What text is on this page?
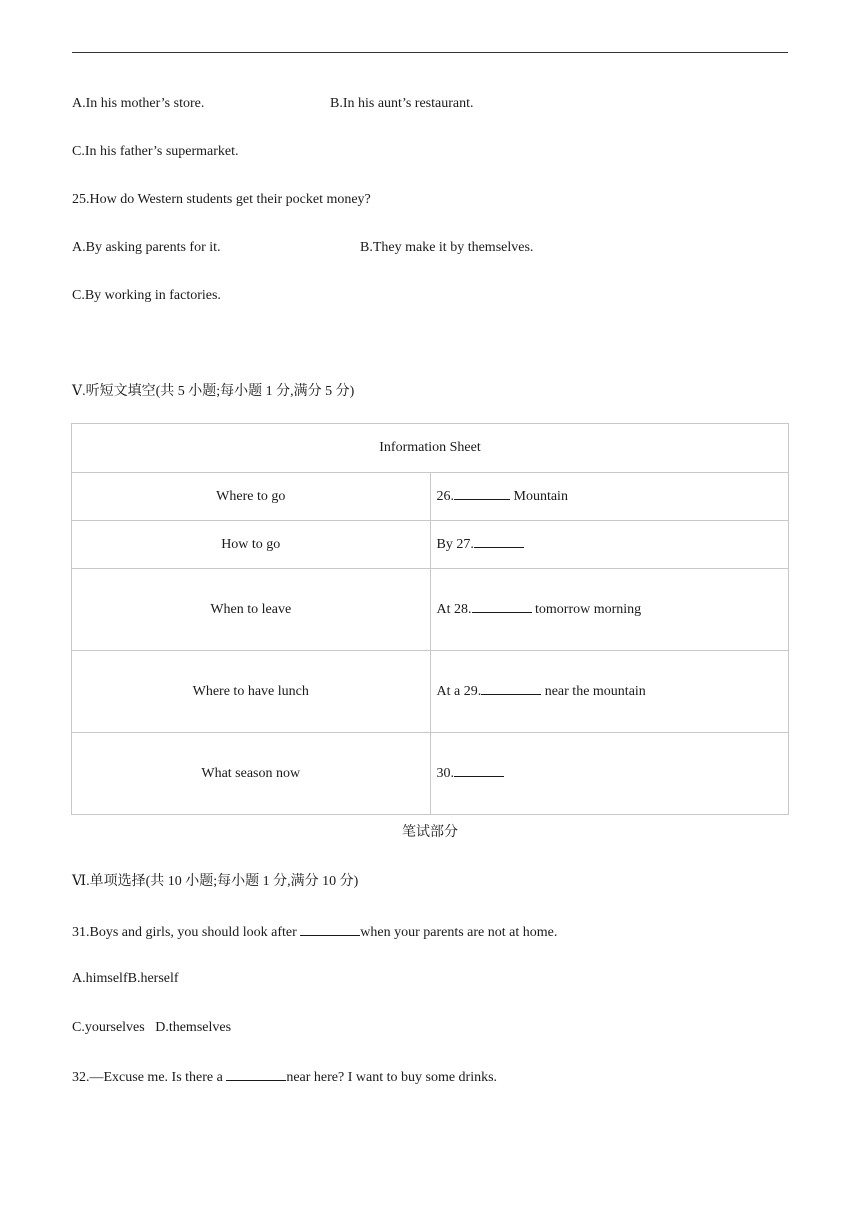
A.In his mother’s store.	B.In his aunt’s restaurant.
C.In his father’s supermarket.
25.How do Western students get their pocket money?
A.By asking parents for it.	B.They make it by themselves.
C.By working in factories.
Ⅴ.听短文填空(共 5 小题;每小题 1 分,满分 5 分)
Information Sheet	
Where to go	26. Mountain
How to go	By 27.
When to leave	At 28. tomorrow morning
Where to have lunch	At a 29. near the mountain
What season now	30.
笔试部分
Ⅵ.单项选择(共 10 小题;每小题 1 分,满分 10 分)
31.Boys and girls, you should look after	when your parents are not at home.
A.himselfB.herself
C.yourselves   D.themselves
32.—Excuse me. Is there a	near here? I want to buy some drinks.
